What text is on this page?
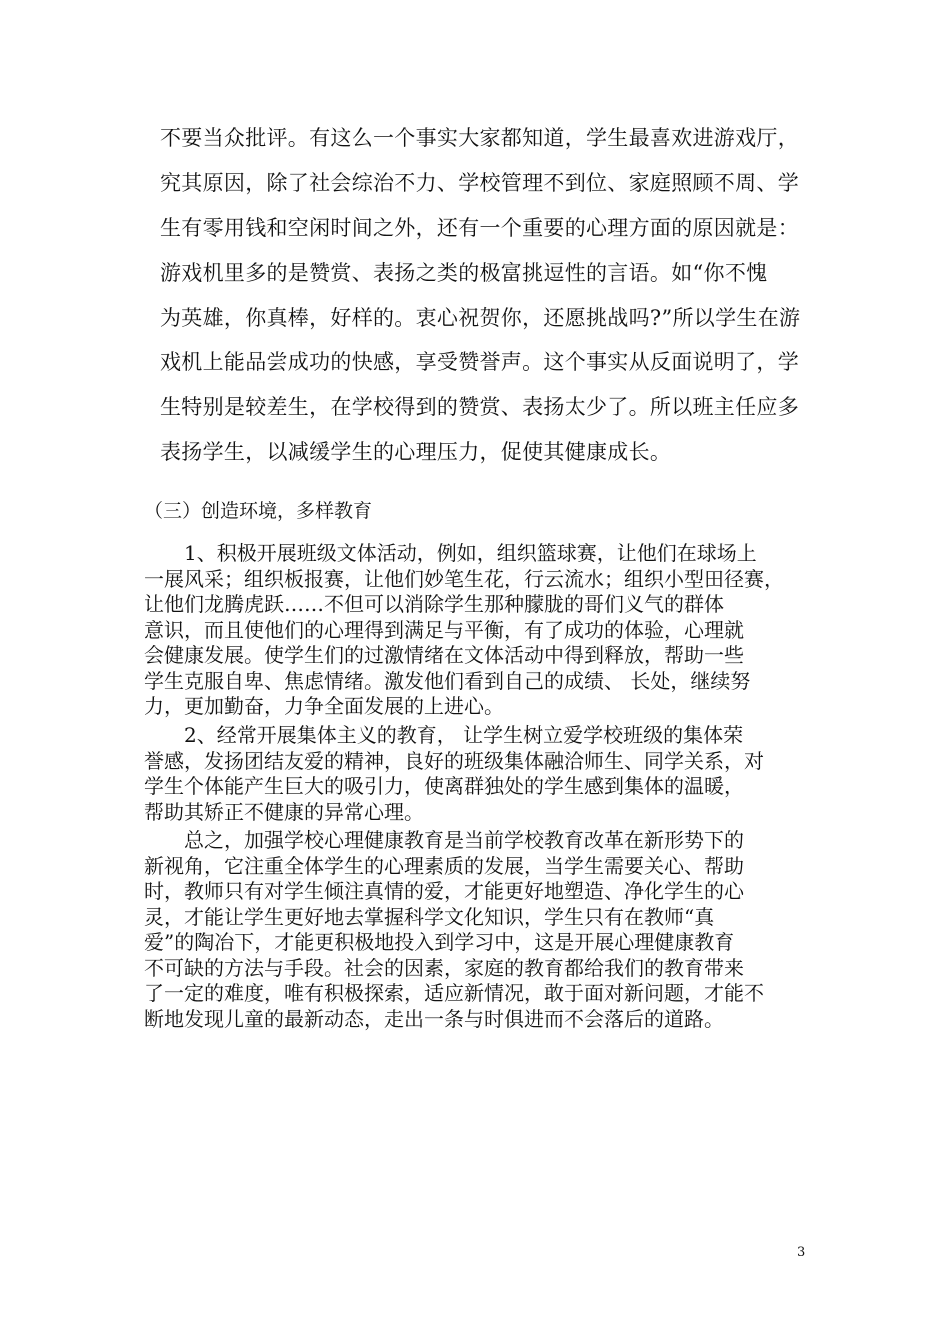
不要当众批评。有这么一个事实大家都知道，学生最喜欢进游戏厅，
究其原因，除了社会综治不力、学校管理不到位、家庭照顾不周、学
生有零用钱和空闲时间之外，还有一个重要的心理方面的原因就是：
游戏机里多的是赞赏、表扬之类的极富挑逗性的言语。如“你不愧
为英雄，你真棒，好样的。衷心祝贺你，还愿挑战吗?”所以学生在游
戏机上能品尝成功的快感，享受赞誉声。这个事实从反面说明了，学
生特别是较差生，在学校得到的赞赏、表扬太少了。所以班主任应多
表扬学生，以减缓学生的心理压力，促使其健康成长。
（三）创造环境，多样教育
　　1、积极开展班级文体活动，例如，组织篮球赛，让他们在球场上
一展风采；组织板报赛，让他们妙笔生花，行云流水；组织小型田径赛，
让他们龙腾虎跃……不但可以消除学生那种朦胧的哥们义气的群体
意识，而且使他们的心理得到满足与平衡，有了成功的体验，心理就
会健康发展。使学生们的过激情绪在文体活动中得到释放，帮助一些
学生克服自卑、焦虑情绪。激发他们看到自己的成绩、 长处，继续努
力，更加勤奋，力争全面发展的上进心。
　　2、经常开展集体主义的教育， 让学生树立爱学校班级的集体荣
誉感，发扬团结友爱的精神，良好的班级集体融洽师生、同学关系，对
学生个体能产生巨大的吸引力，使离群独处的学生感到集体的温暖，
帮助其矫正不健康的异常心理。
　　总之，加强学校心理健康教育是当前学校教育改革在新形势下的
新视角，它注重全体学生的心理素质的发展，当学生需要关心、帮助
时，教师只有对学生倾注真情的爱，才能更好地塑造、净化学生的心
灵，才能让学生更好地去掌握科学文化知识，学生只有在教师“真
爱”的陶冶下，才能更积极地投入到学习中，这是开展心理健康教育
不可缺的方法与手段。社会的因素，家庭的教育都给我们的教育带来
了一定的难度，唯有积极探索，适应新情况，敢于面对新问题，才能不
断地发现儿童的最新动态，走出一条与时俱进而不会落后的道路。
3
